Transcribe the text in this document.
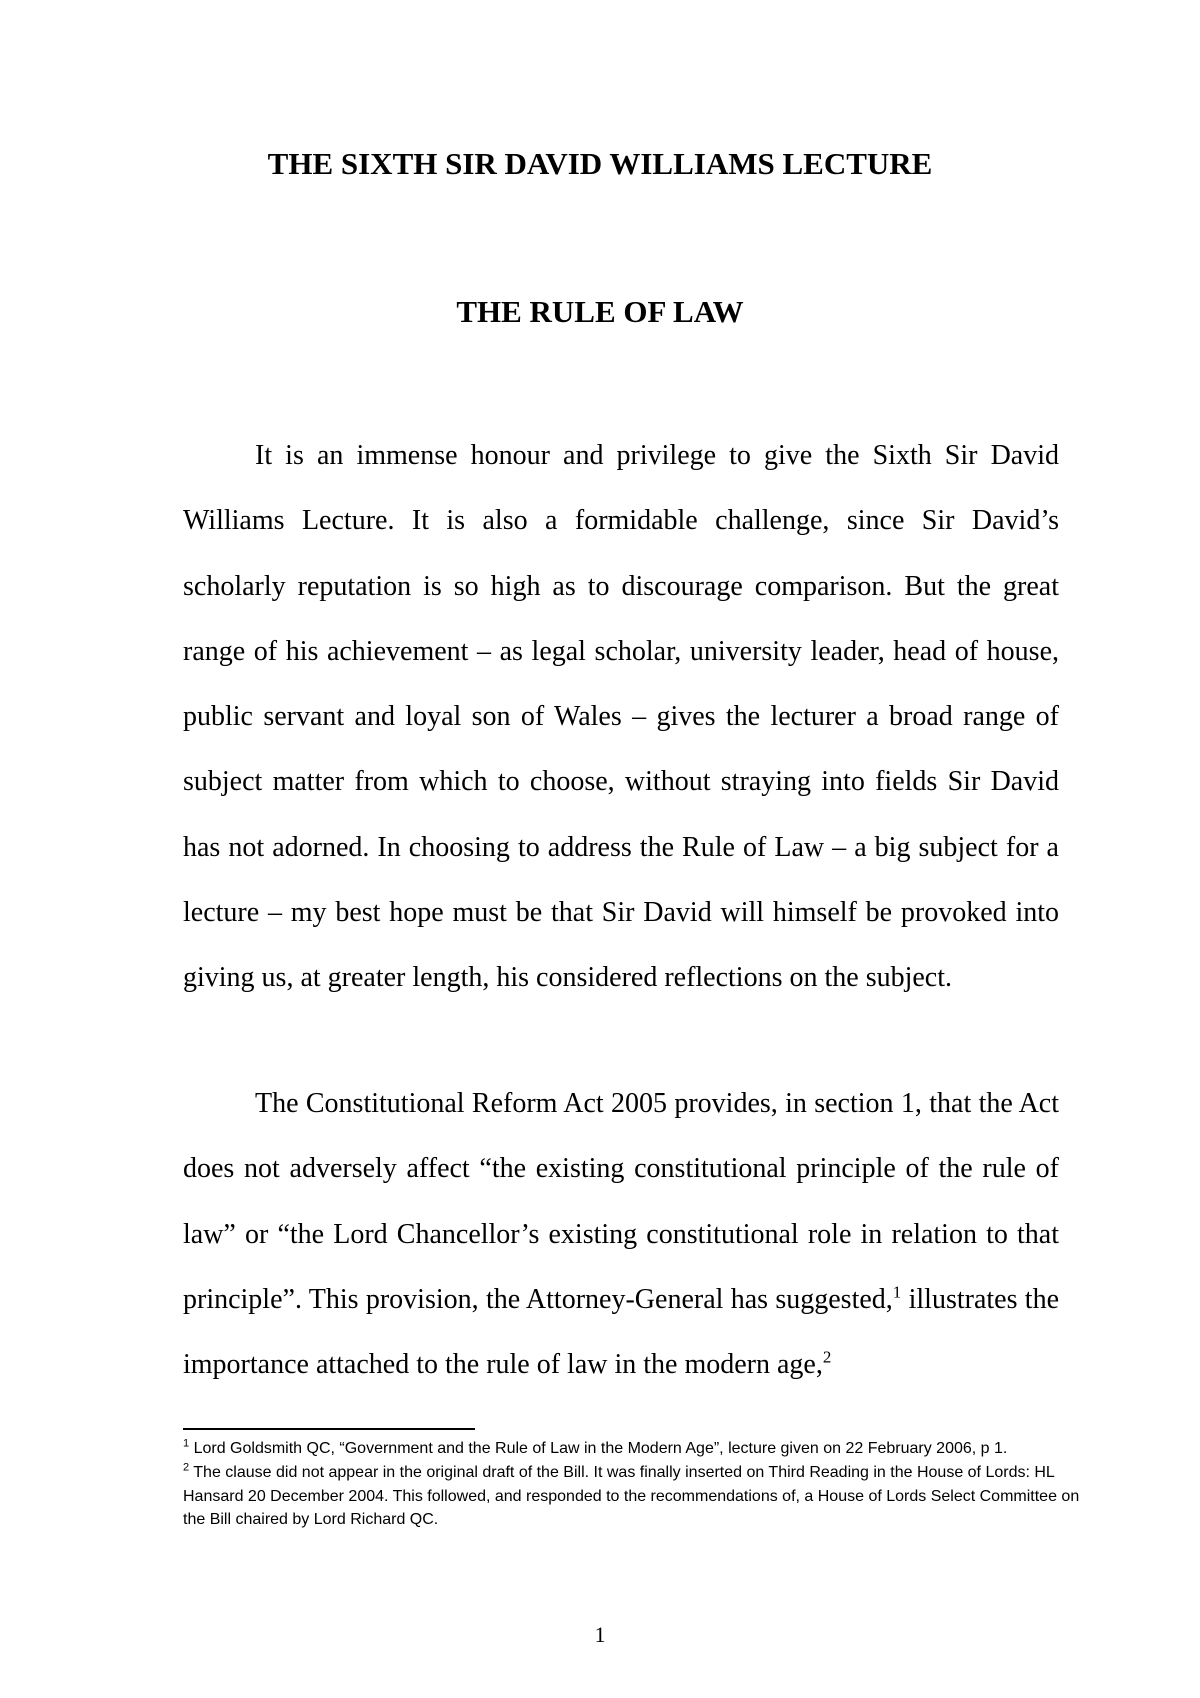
THE SIXTH SIR DAVID WILLIAMS LECTURE
THE RULE OF LAW

It is an immense honour and privilege to give the Sixth Sir David Williams Lecture. It is also a formidable challenge, since Sir David’s scholarly reputation is so high as to discourage comparison. But the great range of his achievement – as legal scholar, university leader, head of house, public servant and loyal son of Wales – gives the lecturer a broad range of subject matter from which to choose, without straying into fields Sir David has not adorned. In choosing to address the Rule of Law – a big subject for a lecture – my best hope must be that Sir David will himself be provoked into giving us, at greater length, his considered reflections on the subject.

The Constitutional Reform Act 2005 provides, in section 1, that the Act does not adversely affect “the existing constitutional principle of the rule of law” or “the Lord Chancellor’s existing constitutional role in relation to that principle”. This provision, the Attorney-General has suggested,$^1$ illustrates the importance attached to the rule of law in the modern age,$^2$

$^1$ Lord Goldsmith QC, “Government and the Rule of Law in the Modern Age”, lecture given on 22 February 2006, p 1.

$^2$ The clause did not appear in the original draft of the Bill. It was finally inserted on Third Reading in the House of Lords: HL Hansard 20 December 2004. This followed, and responded to the recommendations of, a House of Lords Select Committee on the Bill chaired by Lord Richard QC.

1
